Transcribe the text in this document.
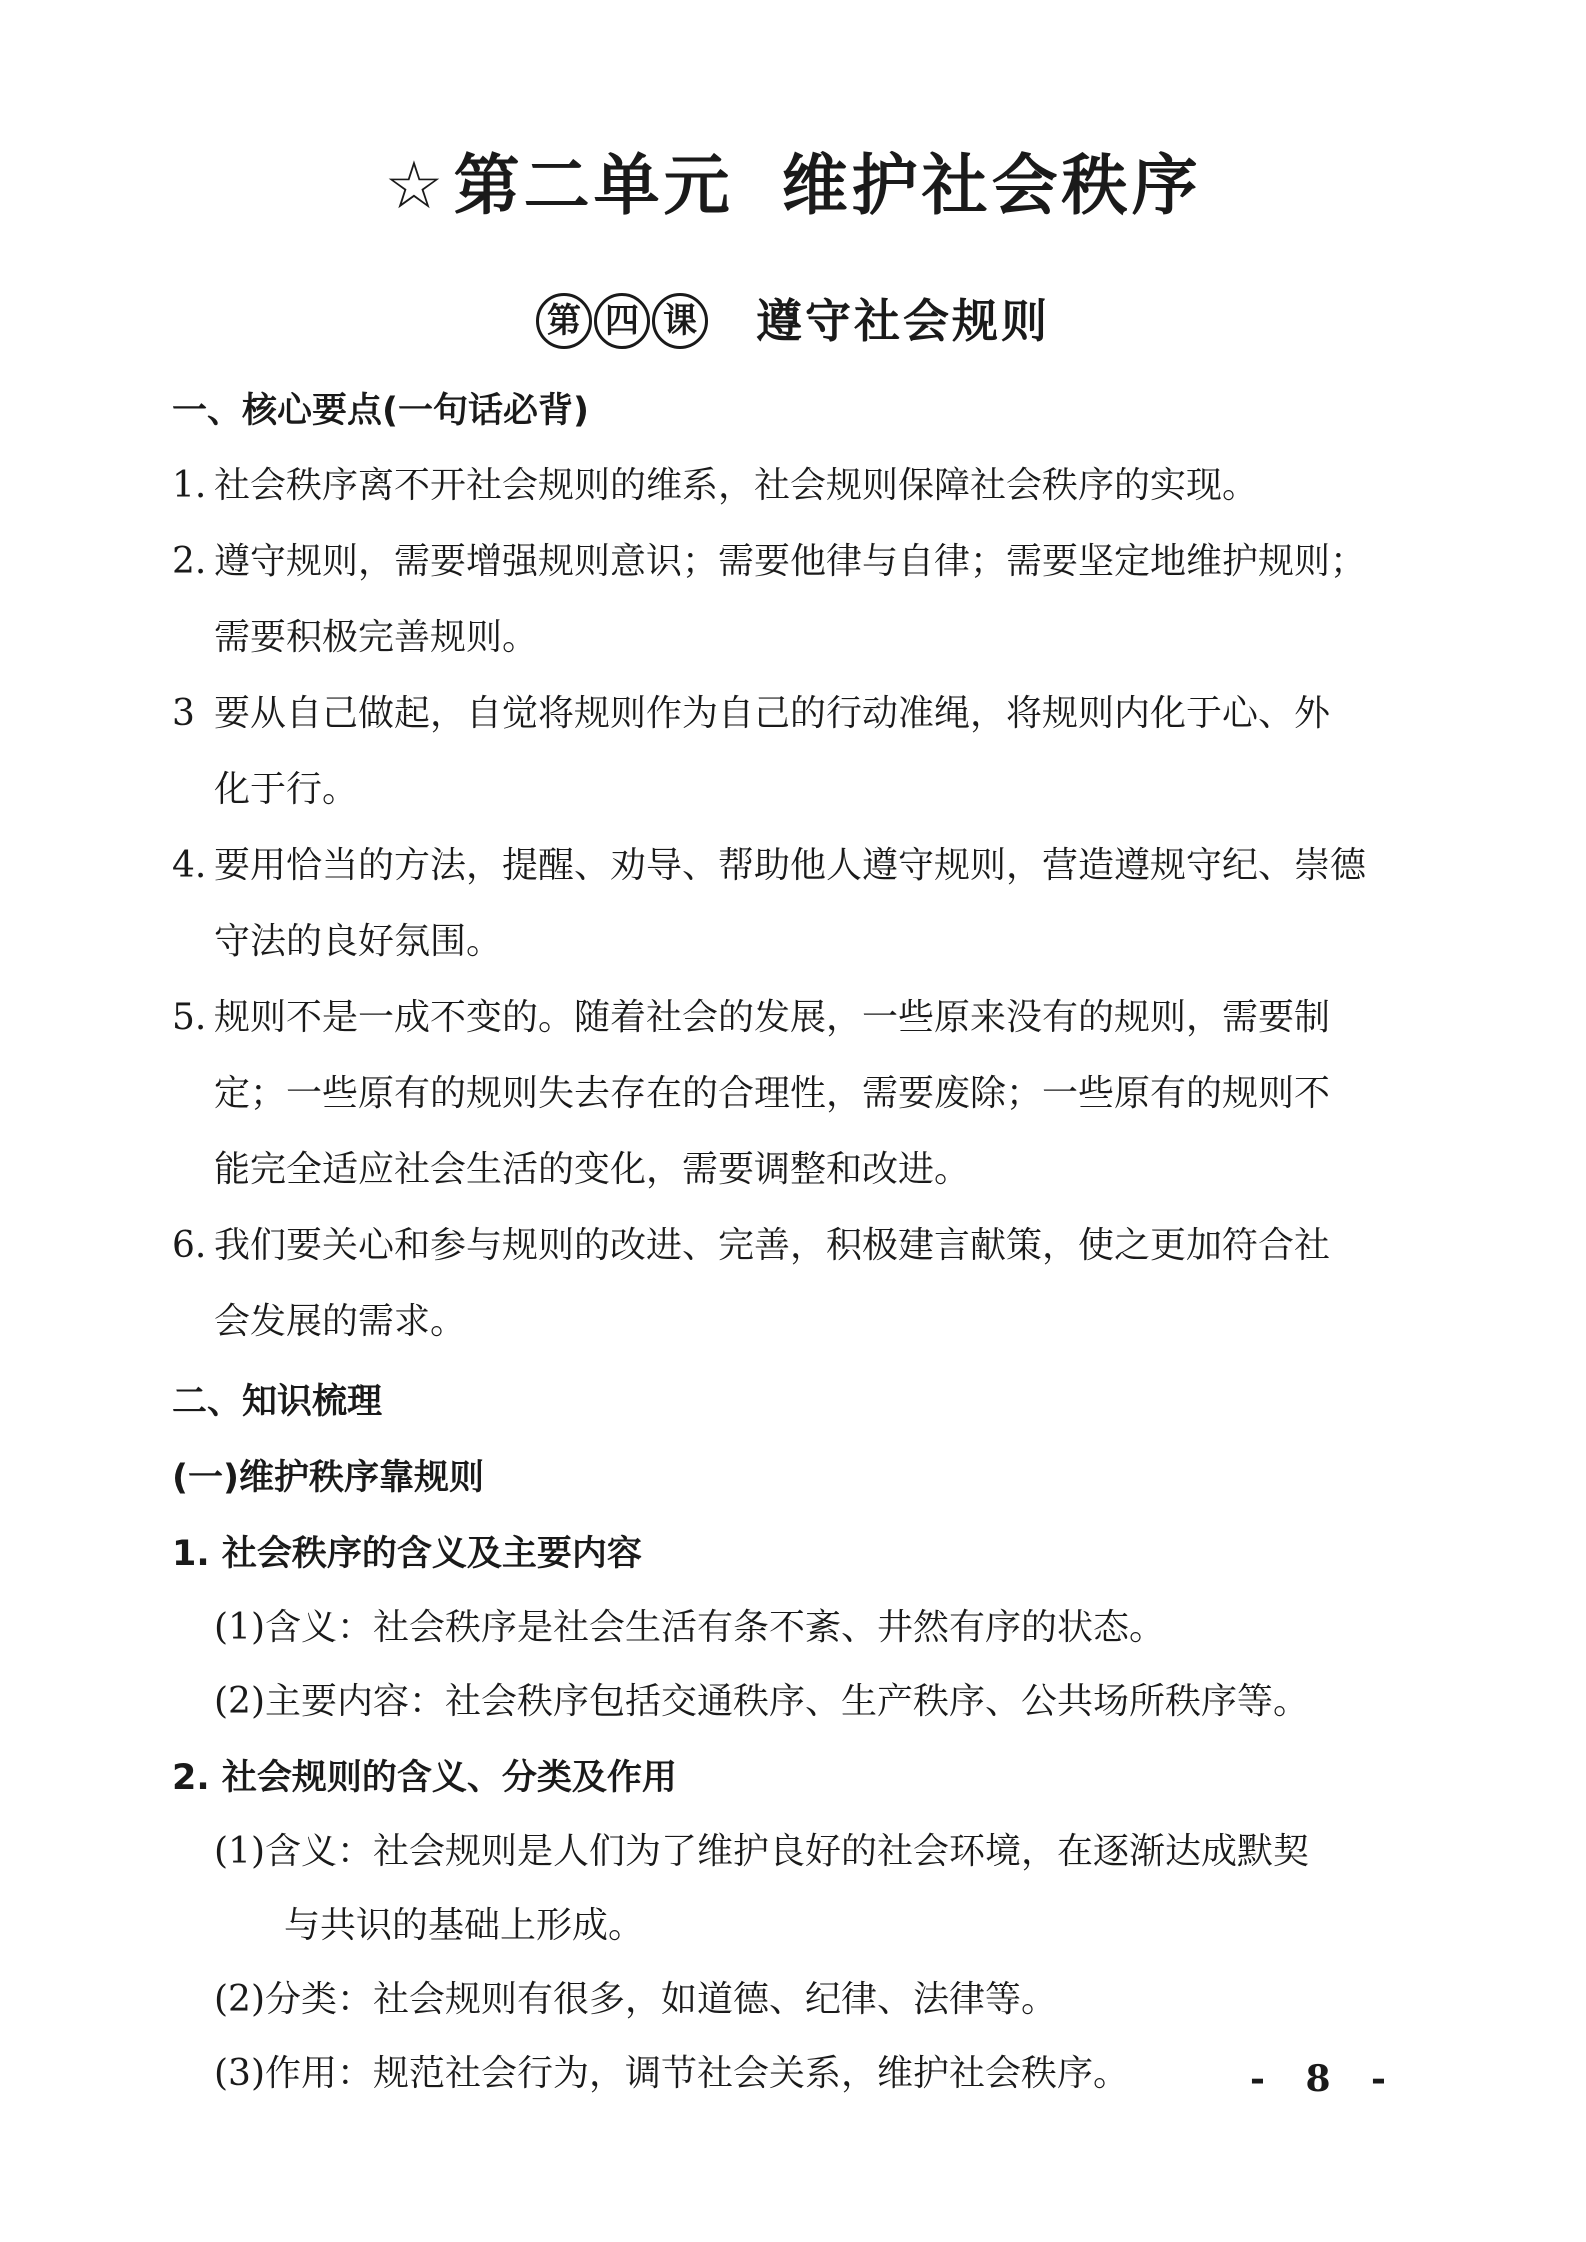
☆第二单元 维护社会秩序
第 四 课 遵守社会规则
一、核心要点(一句话必背)
1. 社会秩序离不开社会规则的维系，社会规则保障社会秩序的实现。
2. 遵守规则，需要增强规则意识；需要他律与自律；需要坚定地维护规则；
需要积极完善规则。
3 要从自己做起，自觉将规则作为自己的行动准绳，将规则内化于心、外
化于行。
4. 要用恰当的方法，提醒、劝导、帮助他人遵守规则，营造遵规守纪、崇德
守法的良好氛围。
5. 规则不是一成不变的。随着社会的发展，一些原来没有的规则，需要制
定；一些原有的规则失去存在的合理性，需要废除；一些原有的规则不
能完全适应社会生活的变化，需要调整和改进。
6. 我们要关心和参与规则的改进、完善，积极建言献策，使之更加符合社
会发展的需求。
二、知识梳理
(一)维护秩序靠规则
1. 社会秩序的含义及主要内容
(1)含义：社会秩序是社会生活有条不紊、井然有序的状态。
(2)主要内容：社会秩序包括交通秩序、生产秩序、公共场所秩序等。
2. 社会规则的含义、分类及作用
(1)含义：社会规则是人们为了维护良好的社会环境，在逐渐达成默契
与共识的基础上形成。
(2)分类：社会规则有很多，如道德、纪律、法律等。
(3)作用：规范社会行为，调节社会关系，维护社会秩序。	- 8 -
